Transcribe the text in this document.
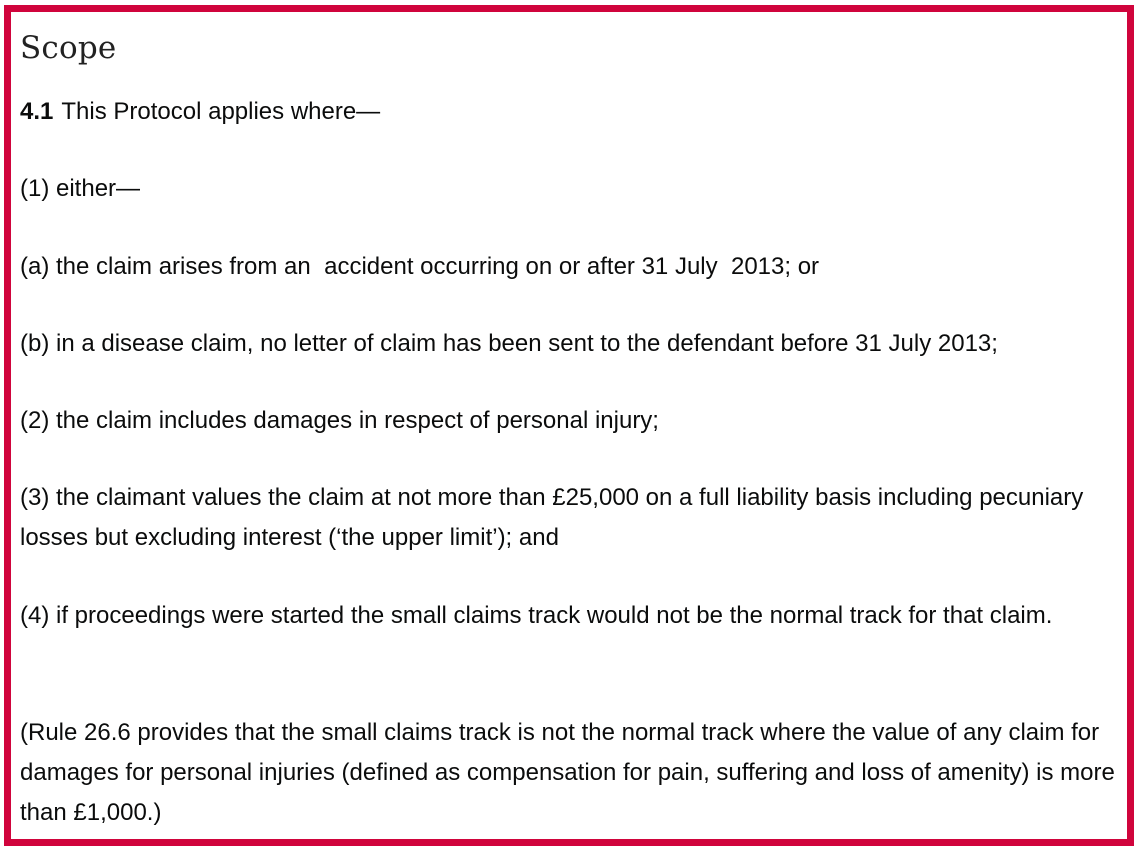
Scope

4.1 This Protocol applies where—

(1) either—

(a) the claim arises from an  accident occurring on or after 31 July  2013; or

(b) in a disease claim, no letter of claim has been sent to the defendant before 31 July 2013;

(2) the claim includes damages in respect of personal injury;

(3) the claimant values the claim at not more than £25,000 on a full liability basis including pecuniary losses but excluding interest (‘the upper limit’); and

(4) if proceedings were started the small claims track would not be the normal track for that claim.

(Rule 26.6 provides that the small claims track is not the normal track where the value of any claim for damages for personal injuries (defined as compensation for pain, suffering and loss of amenity) is more than £1,000.)
